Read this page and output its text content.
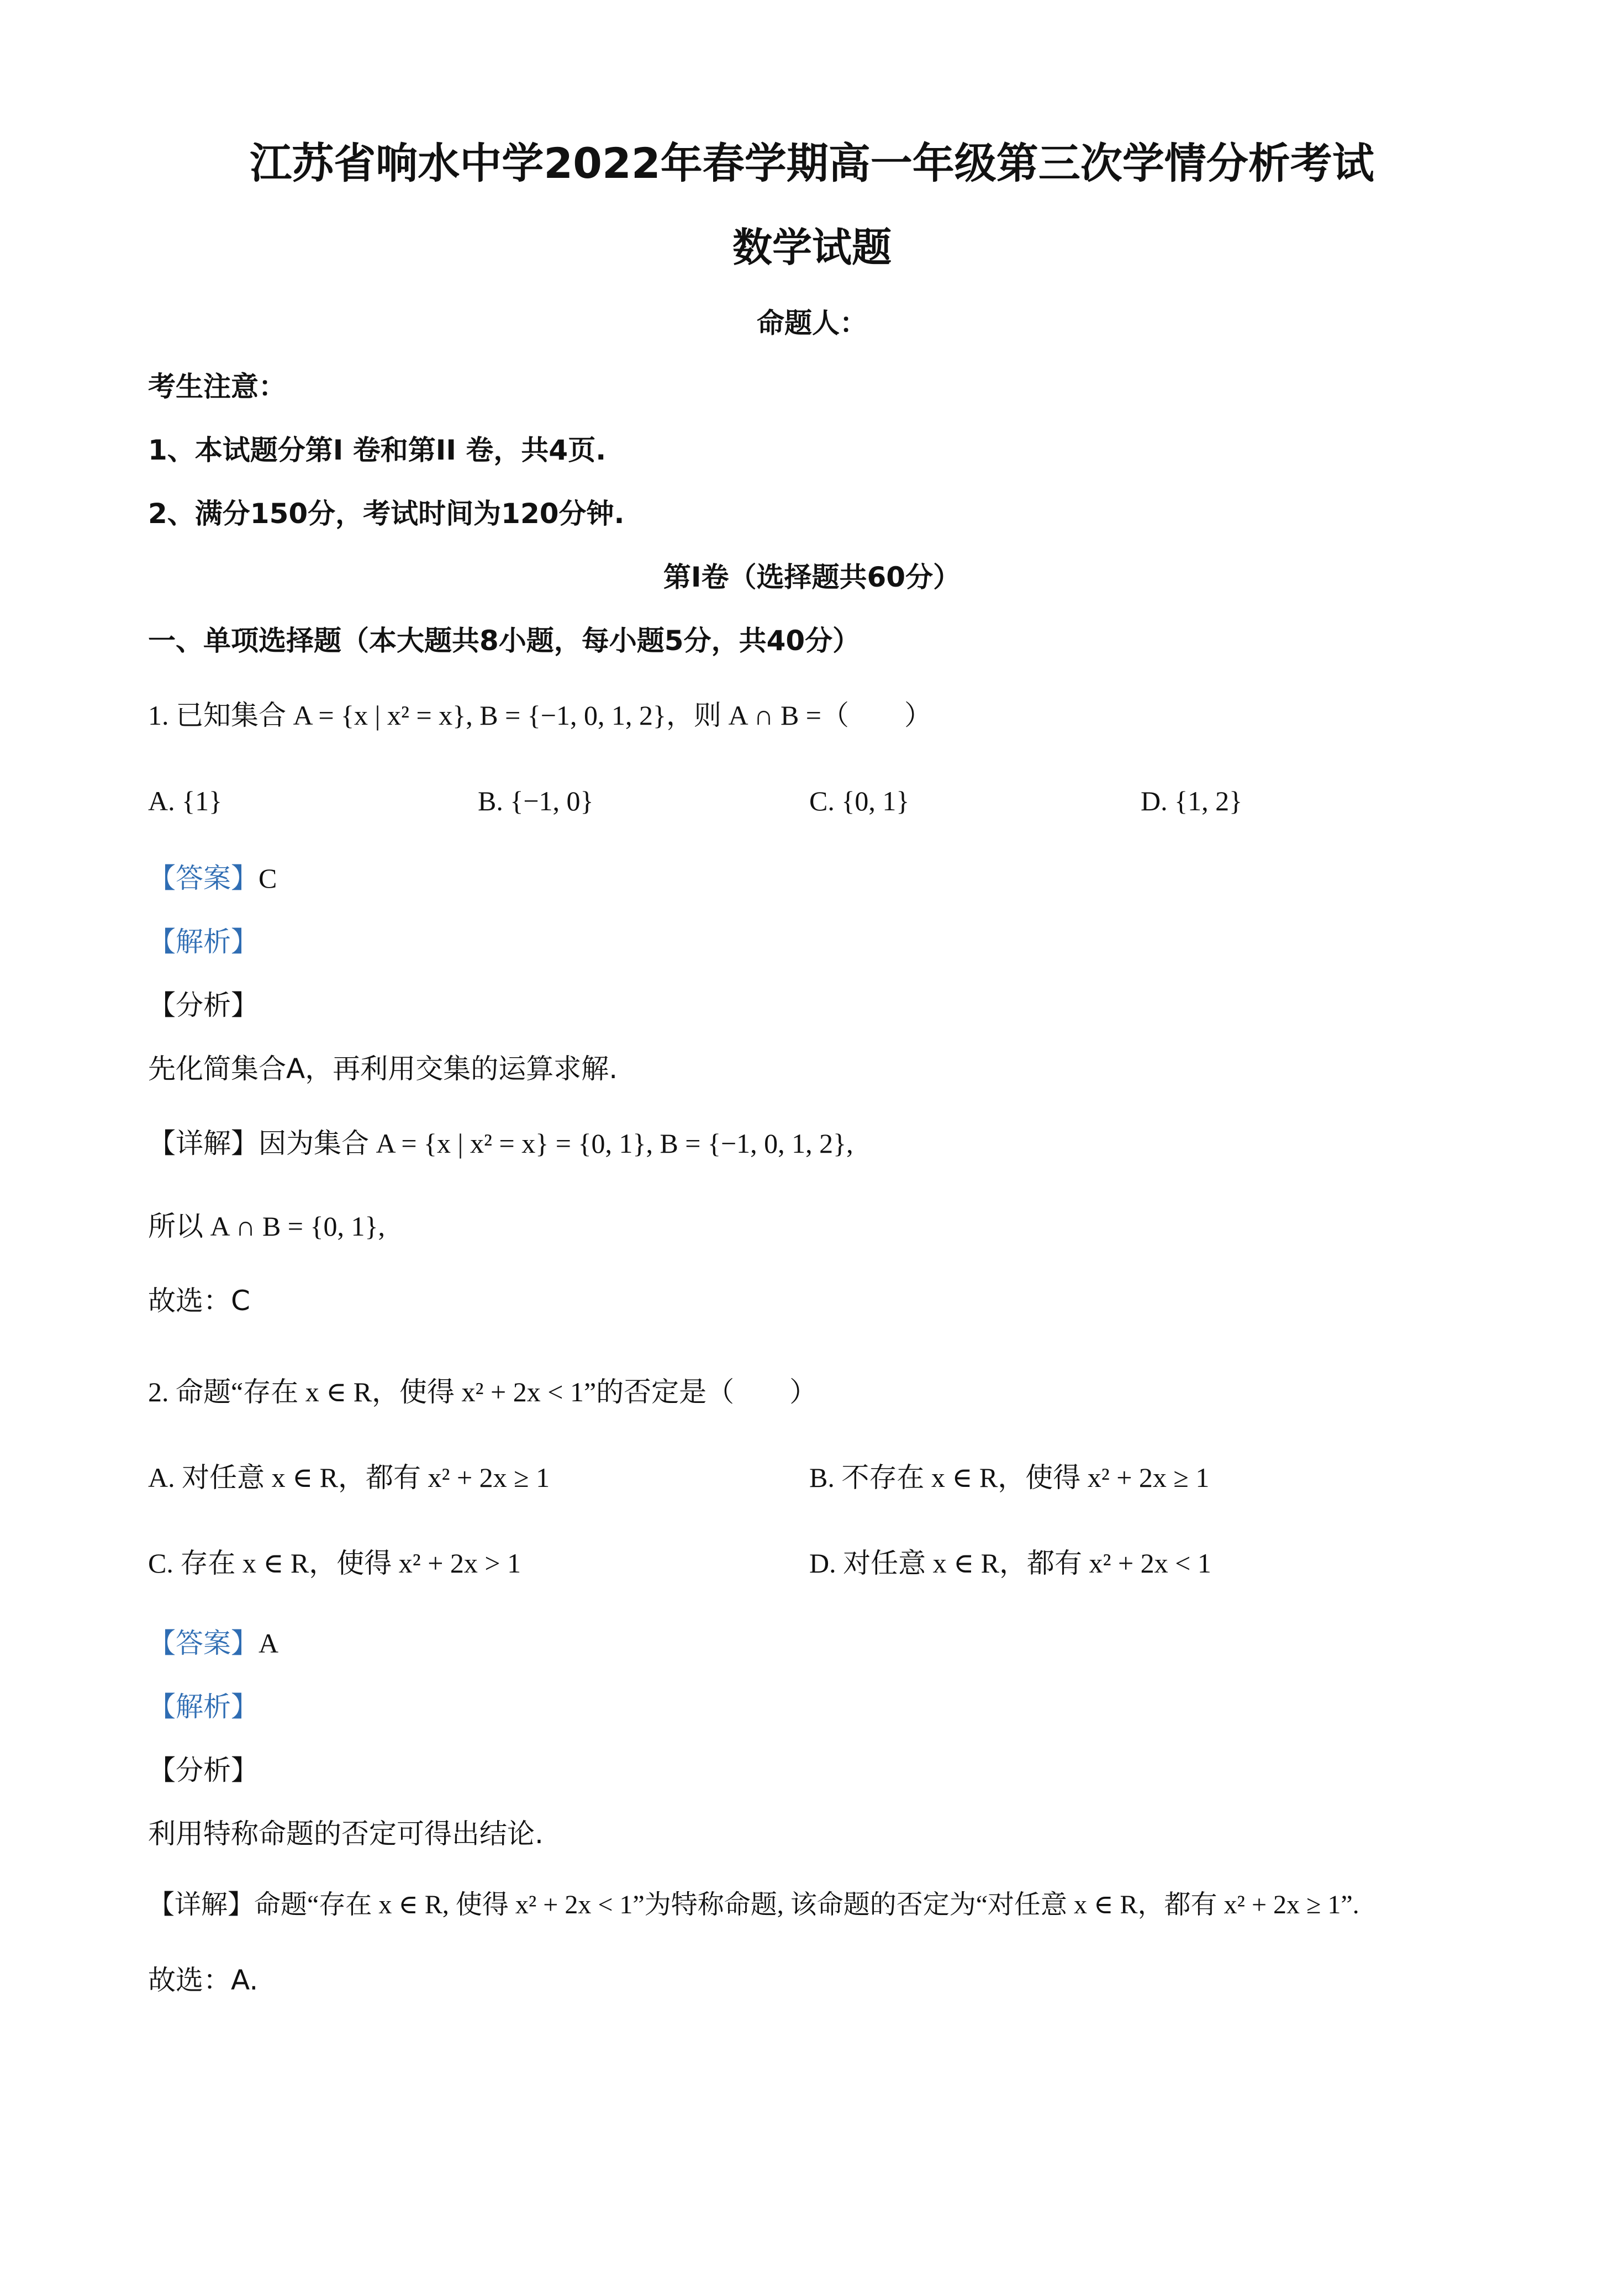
江苏省响水中学2022年春学期高一年级第三次学情分析考试
数学试题
命题人：
考生注意：
1、本试题分第I 卷和第II 卷，共4页.
2、满分150分，考试时间为120分钟.
第I卷（选择题共60分）
一、单项选择题（本大题共8小题，每小题5分，共40分）
1. 已知集合 A = {x | x² = x}, B = {−1, 0, 1, 2}，则 A ∩ B =（　　）
A. {1}	B. {−1, 0}	C. {0, 1}	D. {1, 2}
【答案】C
【解析】
【分析】
先化简集合A，再利用交集的运算求解.
【详解】因为集合 A = {x | x² = x} = {0, 1}, B = {−1, 0, 1, 2},
所以 A ∩ B = {0, 1},
故选：C
2. 命题“存在 x ∈ R，使得 x² + 2x < 1”的否定是（　　）
A. 对任意 x ∈ R，都有 x² + 2x ≥ 1	B. 不存在 x ∈ R，使得 x² + 2x ≥ 1
C. 存在 x ∈ R，使得 x² + 2x > 1	D. 对任意 x ∈ R，都有 x² + 2x < 1
【答案】A
【解析】
【分析】
利用特称命题的否定可得出结论.
【详解】命题“存在 x ∈ R, 使得 x² + 2x < 1”为特称命题, 该命题的否定为“对任意 x ∈ R，都有 x² + 2x ≥ 1”.
故选：A.
